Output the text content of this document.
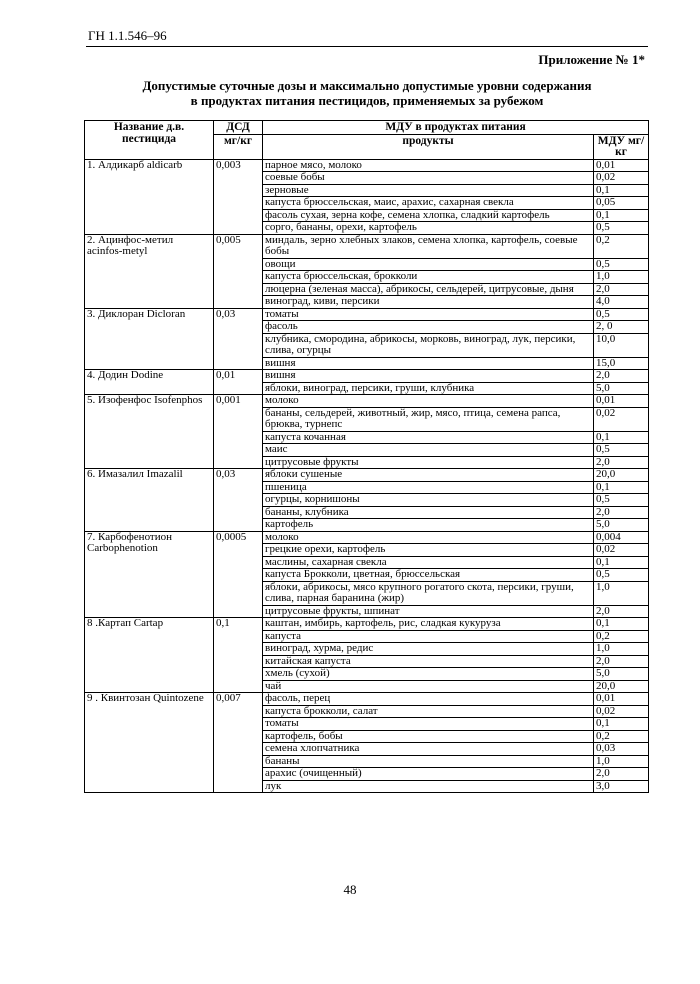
ГН 1.1.546–96
Приложение № 1*
Допустимые суточные дозы и максимально допустимые уровни содержания
в продуктах питания пестицидов, применяемых за рубежом
Название д.в. пестицида	ДСД	МДУ в продуктах питания	
	мг/кг	продукты	МДУ мг/кг
1. Алдикарб aldicarb	0,003	парное мясо, молоко	0,01
		соевые бобы	0,02
		зерновые	0,1
		капуста брюссельская, маис, арахис, сахарная свекла	0,05
		фасоль сухая, зерна кофе, семена хлопка, сладкий картофель	0,1
		сорго, бананы, орехи, картофель	0,5
2. Ацинфос-метил acinfos-metyl	0,005	миндаль, зерно хлебных злаков, семена хлопка, картофель, соевые бобы	0,2
		овощи	0,5
		капуста брюссельская, брокколи	1,0
		люцерна (зеленая масса), абрикосы, сельдерей, цитрусовые, дыня	2,0
		виноград, киви, персики	4,0
3. Диклоран Dicloran	0,03	томаты	0,5
		фасоль	2, 0
		клубника, смородина, абрикосы, морковь, виноград, лук, персики, слива, огурцы	10,0
		вишня	15,0
4. Додин Dodine	0,01	вишня	2,0
		яблоки, виноград, персики, груши, клубника	5,0
5. Изофенфос Isofenphos	0,001	молоко	0,01
		бананы, сельдерей, животный, жир, мясо, птица, семена рапса, брюква, турнепс	0,02
		капуста кочанная	0,1
		маис	0,5
		цитрусовые фрукты	2,0
6. Имазалил Imazalil	0,03	яблоки сушеные	20,0
		пшеница	0,1
		огурцы, корнишоны	0,5
		бананы, клубника	2,0
		картофель	5,0
7. Карбофенотион Carbophenotion	0,0005	молоко	0,004
		грецкие орехи, картофель	0,02
		маслины, сахарная свекла	0,1
		капуста Брокколи, цветная, брюссельская	0,5
		яблоки, абрикосы, мясо крупного рогатого скота, персики, груши, слива, парная баранина (жир)	1,0
		цитрусовые фрукты, шпинат	2,0
8 .Картап Cartap	0,1	каштан, имбирь, картофель, рис, сладкая кукуруза	0,1
		капуста	0,2
		виноград, хурма, редис	1,0
		китайская капуста	2,0
		хмель (сухой)	5,0
		чай	20,0
9 . Квинтозан Quintozene	0,007	фасоль, перец	0,01
		капуста брокколи, салат	0,02
		томаты	0,1
		картофель, бобы	0,2
		семена хлопчатника	0,03
		бананы	1,0
		арахис (очищенный)	2,0
		лук	3,0
48
